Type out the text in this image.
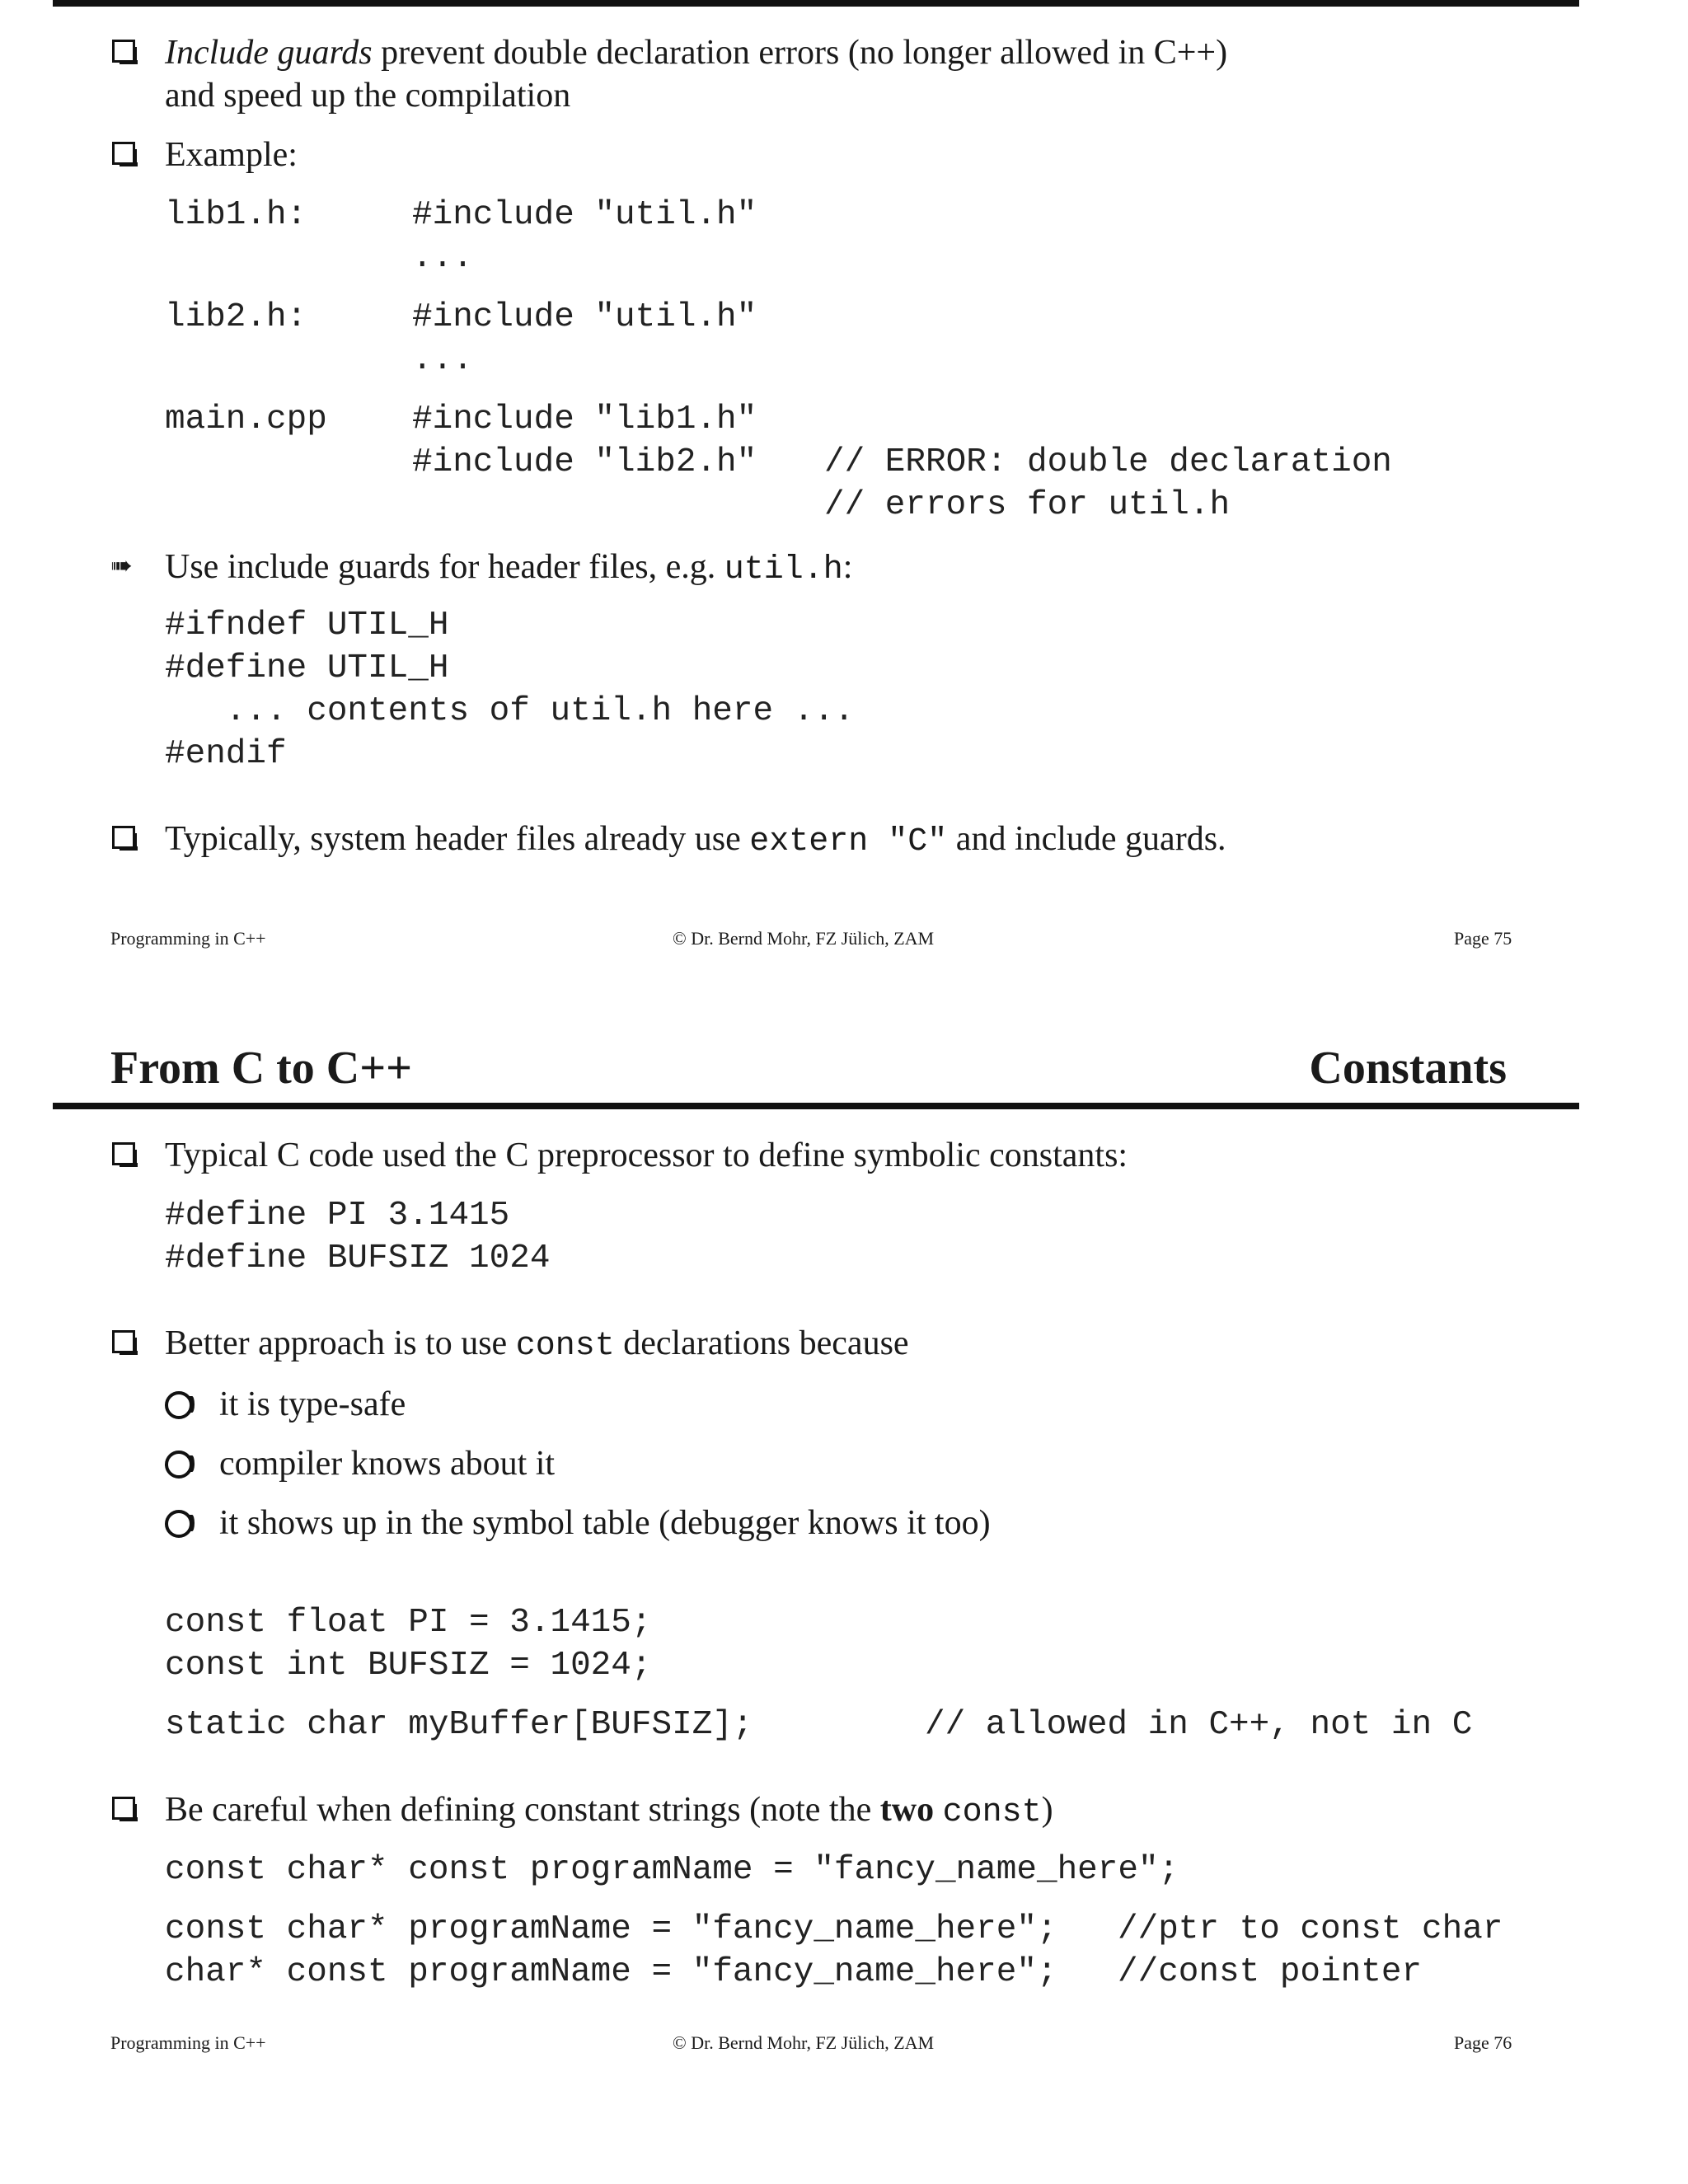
Include guards prevent double declaration errors (no longer allowed in C++)
and speed up the compilation
Example:
lib1.h:	#include "util.h"
...
lib2.h:	#include "util.h"
...
main.cpp	#include "lib1.h"
#include "lib2.h" // ERROR: double declaration
// errors for util.h
➠ Use include guards for header files, e.g. util.h:
#ifndef UTIL_H
#define UTIL_H
... contents of util.h here ...
#endif
Typically, system header files already use extern "C" and include guards.
Programming in C++	© Dr. Bernd Mohr, FZ Jülich, ZAM	Page 75
From C to C++	Constants
Typical C code used the C preprocessor to define symbolic constants:
#define PI 3.1415
#define BUFSIZ 1024
Better approach is to use const declarations because
it is type-safe
compiler knows about it
it shows up in the symbol table (debugger knows it too)
const float PI = 3.1415;
const int BUFSIZ = 1024;
static char myBuffer[BUFSIZ];	// allowed in C++, not in C
Be careful when defining constant strings (note the two const)
const char* const programName = "fancy_name_here";
const char* programName = "fancy_name_here"; //ptr to const char
char* const programName = "fancy_name_here"; //const pointer
Programming in C++	© Dr. Bernd Mohr, FZ Jülich, ZAM	Page 76
